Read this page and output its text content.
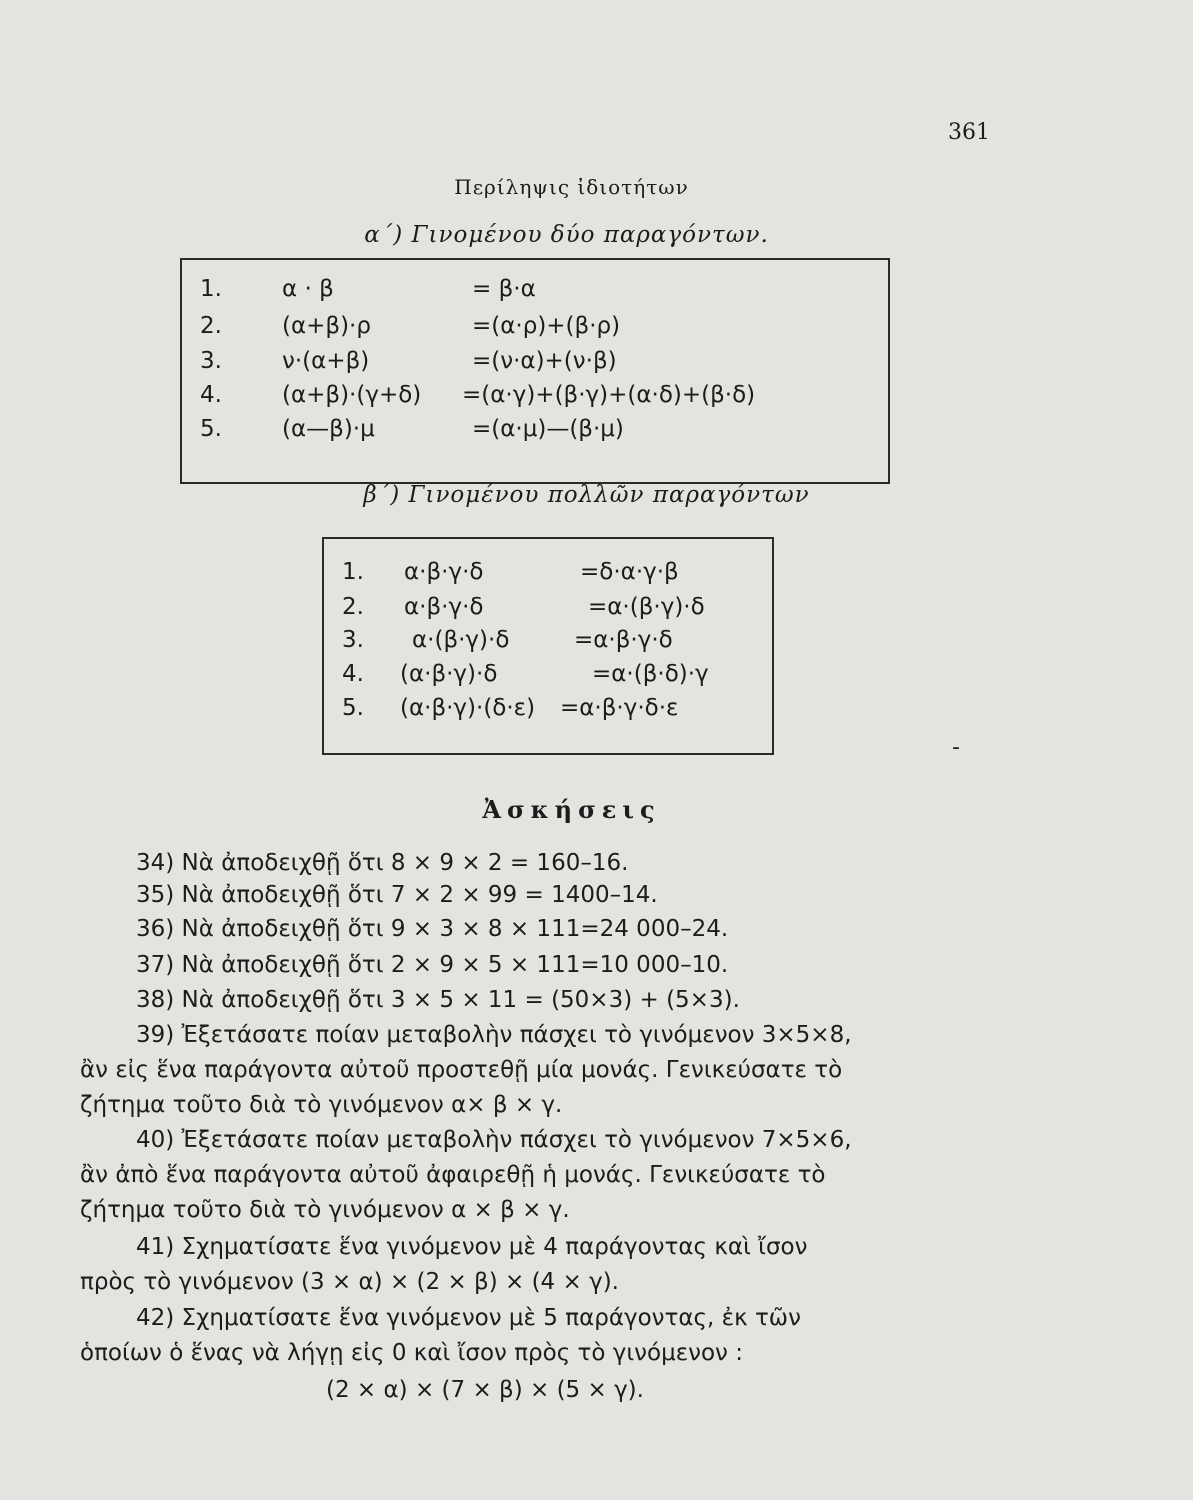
361
Περίληψις ἰδιοτήτων
α΄) Γινομένου δύο παραγόντων.
1.	α · β	= β·α
2.	(α+β)·ρ	=(α·ρ)+(β·ρ)
3.	ν·(α+β)	=(ν·α)+(ν·β)
4.	(α+β)·(γ+δ) =(α·γ)+(β·γ)+(α·δ)+(β·δ)
5.	(α—β)·μ	=(α·μ)—(β·μ)
β΄) Γινομένου πολλῶν παραγόντων
1. α·β·γ·δ	=δ·α·γ·β
2. α·β·γ·δ	=α·(β·γ)·δ
3. α·(β·γ)·δ	=α·β·γ·δ
4. (α·β·γ)·δ	=α·(β·δ)·γ
5. (α·β·γ)·(δ·ε) =α·β·γ·δ·ε
-
Ἀσκήσεις
34) Νὰ ἀποδειχθῇ ὅτι 8 × 9 × 2 = 160–16.
35) Νὰ ἀποδειχθῇ ὅτι 7 × 2 × 99 = 1400–14.
36) Νὰ ἀποδειχθῇ ὅτι 9 × 3 × 8 × 111=24 000–24.
37) Νὰ ἀποδειχθῇ ὅτι 2 × 9 × 5 × 111=10 000–10.
38) Νὰ ἀποδειχθῇ ὅτι 3 × 5 × 11 = (50×3) + (5×3).
39) Ἐξετάσατε ποίαν μεταβολὴν πάσχει τὸ γινόμενον 3×5×8,
ἂν εἰς ἕνα παράγοντα αὐτοῦ προστεθῇ μία μονάς. Γενικεύσατε τὸ
ζήτημα τοῦτο διὰ τὸ γινόμενον α× β × γ.
40) Ἐξετάσατε ποίαν μεταβολὴν πάσχει τὸ γινόμενον 7×5×6,
ἂν ἀπὸ ἕνα παράγοντα αὐτοῦ ἀφαιρεθῇ ἡ μονάς. Γενικεύσατε τὸ
ζήτημα τοῦτο διὰ τὸ γινόμενον α × β × γ.
41) Σχηματίσατε ἕνα γινόμενον μὲ 4 παράγοντας καὶ ἴσον
πρὸς τὸ γινόμενον (3 × α) × (2 × β) × (4 × γ).
42) Σχηματίσατε ἕνα γινόμενον μὲ 5 παράγοντας, ἐκ τῶν
ὁποίων ὁ ἕνας νὰ λήγῃ εἰς 0 καὶ ἴσον πρὸς τὸ γινόμενον :
(2 × α) × (7 × β) × (5 × γ).
